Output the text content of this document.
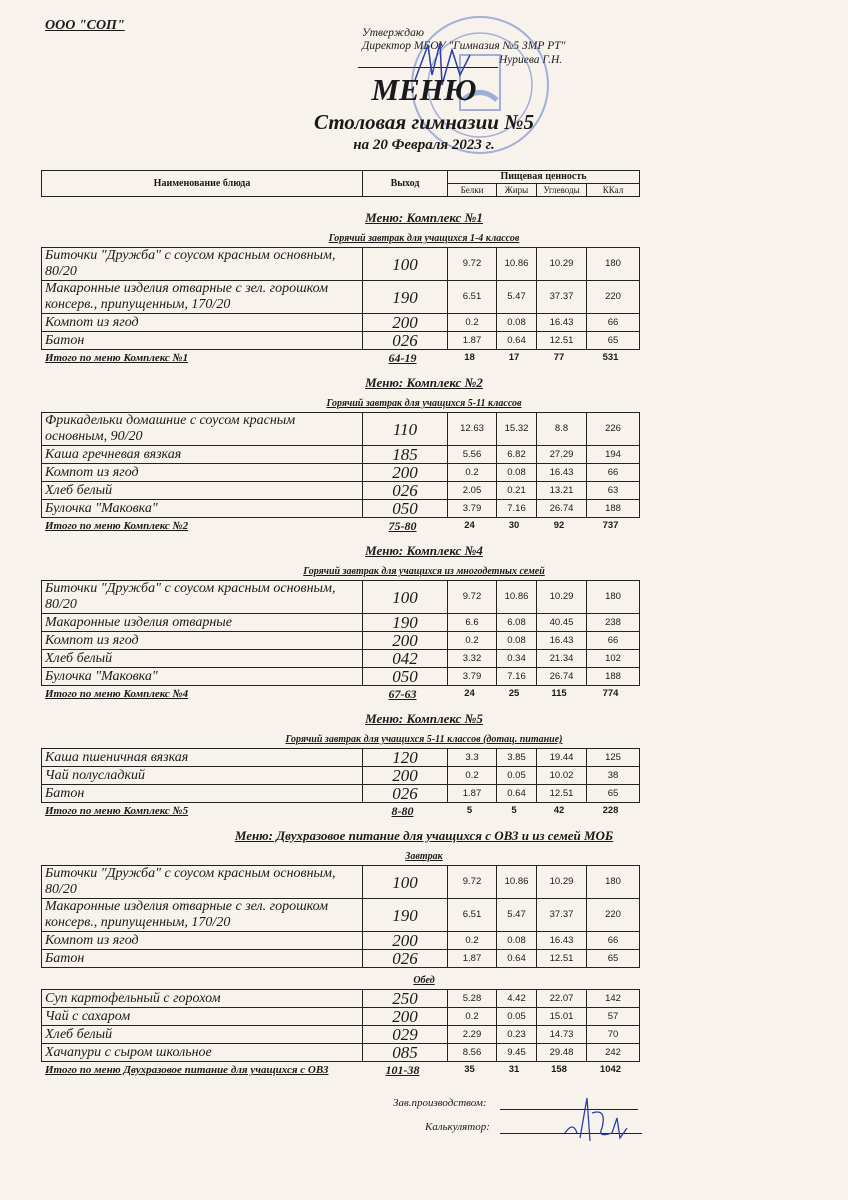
ООО "СОП"	Утверждаю
Директор МБОУ "Гимназия №5 ЗМР РТ"
Нуриева Г.Н.
МЕНЮ
Столовая гимназии №5
на 20 Февраля 2023 г.
Наименование блюда	Выход	Пищевая ценность			
		Белки	Жиры	Углеводы	ККал
Меню: Комплекс №1
Горячий завтрак для учащихся 1-4 классов
Биточки "Дружба" с соусом красным основным, 80/20	100	9.72	10.86	10.29	180
Макаронные изделия отварные с зел. горошком консерв., припущенным, 170/20	190	6.51	5.47	37.37	220
Компот из ягод	200	0.2	0.08	16.43	66
Батон	026	1.87	0.64	12.51	65
Итого по меню Комплекс №1	64-19	18	17	77	531
Меню: Комплекс №2
Горячий завтрак для учащихся 5-11 классов
Фрикадельки домашние с соусом красным основным, 90/20	110	12.63	15.32	8.8	226
Каша гречневая вязкая	185	5.56	6.82	27.29	194
Компот из ягод	200	0.2	0.08	16.43	66
Хлеб белый	026	2.05	0.21	13.21	63
Булочка "Маковка"	050	3.79	7.16	26.74	188
Итого по меню Комплекс №2	75-80	24	30	92	737
Меню: Комплекс №4
Горячий завтрак для учащихся из многодетных семей
Биточки "Дружба" с соусом красным основным, 80/20	100	9.72	10.86	10.29	180
Макаронные изделия отварные	190	6.6	6.08	40.45	238
Компот из ягод	200	0.2	0.08	16.43	66
Хлеб белый	042	3.32	0.34	21.34	102
Булочка "Маковка"	050	3.79	7.16	26.74	188
Итого по меню Комплекс №4	67-63	24	25	115	774
Меню: Комплекс №5
Горячий завтрак для учащихся 5-11 классов (дотац. питание)
Каша пшеничная вязкая	120	3.3	3.85	19.44	125
Чай полусладкий	200	0.2	0.05	10.02	38
Батон	026	1.87	0.64	12.51	65
Итого по меню Комплекс №5	8-80	5	5	42	228
Меню: Двухразовое питание для учащихся с ОВЗ и из семей МОБ
Завтрак
Биточки "Дружба" с соусом красным основным, 80/20	100	9.72	10.86	10.29	180
Макаронные изделия отварные с зел. горошком консерв., припущенным, 170/20	190	6.51	5.47	37.37	220
Компот из ягод	200	0.2	0.08	16.43	66
Батон	026	1.87	0.64	12.51	65
Обед
Суп картофельный с горохом	250	5.28	4.42	22.07	142
Чай с сахаром	200	0.2	0.05	15.01	57
Хлеб белый	029	2.29	0.23	14.73	70
Хачапури с сыром школьное	085	8.56	9.45	29.48	242
Итого по меню Двухразовое питание для учащихся с ОВЗ	101-38	35	31	158	1042
Зав.производством:
Калькулятор:
